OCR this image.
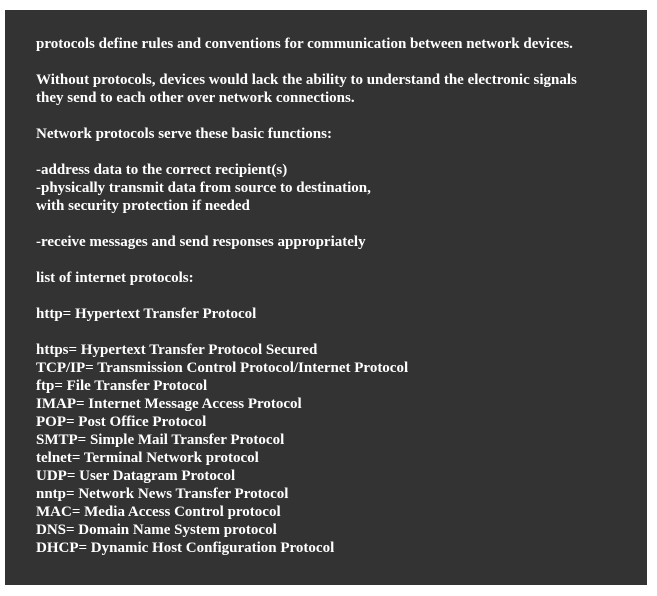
protocols define rules and conventions for communication between network devices.
Without protocols, devices would lack the ability to understand the electronic signals
they send to each other over network connections.
Network protocols serve these basic functions:
-address data to the correct recipient(s)
-physically transmit data from source to destination,
with security protection if needed
-receive messages and send responses appropriately
list of internet protocols:
http= Hypertext Transfer Protocol
https= Hypertext Transfer Protocol Secured
TCP/IP= Transmission Control Protocol/Internet Protocol
ftp= File Transfer Protocol
IMAP= Internet Message Access Protocol
POP= Post Office Protocol
SMTP= Simple Mail Transfer Protocol
telnet= Terminal Network protocol
UDP= User Datagram Protocol
nntp= Network News Transfer Protocol
MAC= Media Access Control protocol
DNS= Domain Name System protocol
DHCP= Dynamic Host Configuration Protocol
